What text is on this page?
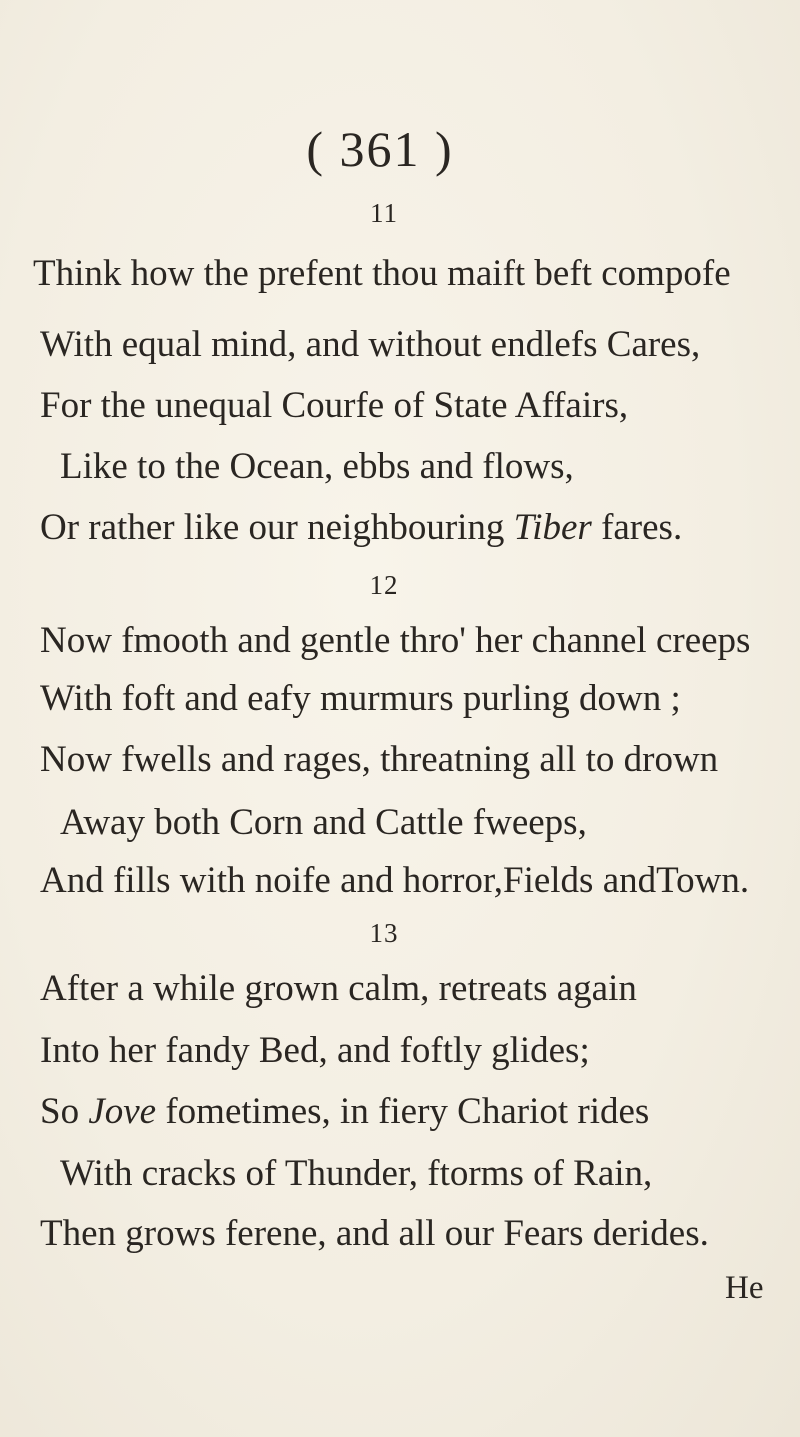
( 361 )
11
Think how the prefent thou maift beft compofe
With equal mind, and without endlefs Cares,
For the unequal Courfe of State Affairs,
Like to the Ocean, ebbs and flows,
Or rather like our neighbouring Tiber fares.
12
Now fmooth and gentle thro' her channel creeps
With foft and eafy murmurs purling down ;
Now fwells and rages, threatning all to drown
Away both Corn and Cattle fweeps,
And fills with noife and horror,Fields andTown.
13
After a while grown calm, retreats again
Into her fandy Bed, and foftly glides;
So Jove fometimes, in fiery Chariot rides
With cracks of Thunder, ftorms of Rain,
Then grows ferene, and all our Fears derides.
He
